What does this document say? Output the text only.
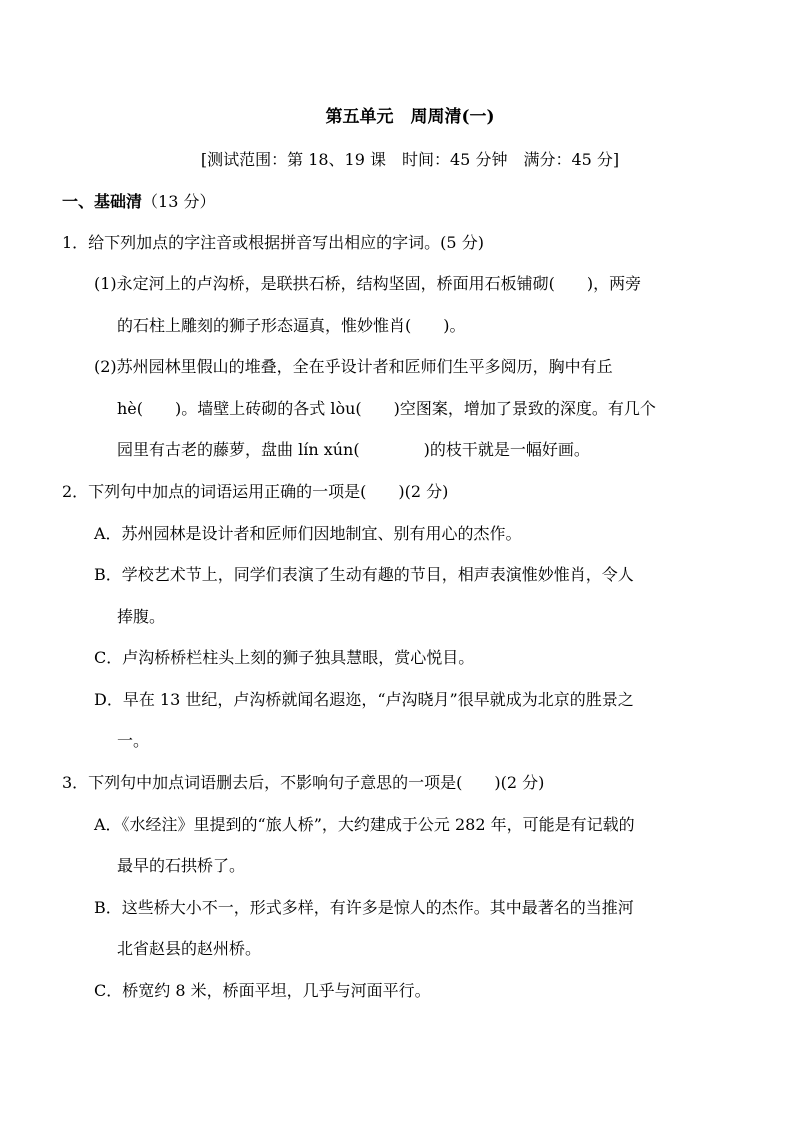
第五单元　周周清(一)
[测试范围：第 18、19 课　时间：45 分钟　满分：45 分]
一、基础清（13 分）
1．给下列加点的字注音或根据拼音写出相应的字词。(5 分)
(1)永定河上的卢沟桥，是联拱石桥，结构坚固，桥面用石板铺砌(　　)，两旁
的石柱上雕刻的狮子形态逼真，惟妙惟肖(　　)。
(2)苏州园林里假山的堆叠，全在乎设计者和匠师们生平多阅历，胸中有丘
hè(　　)。墙壁上砖砌的各式 lòu(　　)空图案，增加了景致的深度。有几个
园里有古老的藤萝，盘曲 lín xún(　　　　)的枝干就是一幅好画。
2．下列句中加点的词语运用正确的一项是(　　)(2 分)
A．苏州园林是设计者和匠师们因地制宜、别有用心的杰作。
B．学校艺术节上，同学们表演了生动有趣的节目，相声表演惟妙惟肖，令人
捧腹。
C．卢沟桥桥栏柱头上刻的狮子独具慧眼，赏心悦目。
D．早在 13 世纪，卢沟桥就闻名遐迩，“卢沟晓月”很早就成为北京的胜景之
一。
3．下列句中加点词语删去后，不影响句子意思的一项是(　　)(2 分)
A．《水经注》里提到的“旅人桥”，大约建成于公元 282 年，可能是有记载的
最早的石拱桥了。
B．这些桥大小不一，形式多样，有许多是惊人的杰作。其中最著名的当推河
北省赵县的赵州桥。
C．桥宽约 8 米，桥面平坦，几乎与河面平行。
